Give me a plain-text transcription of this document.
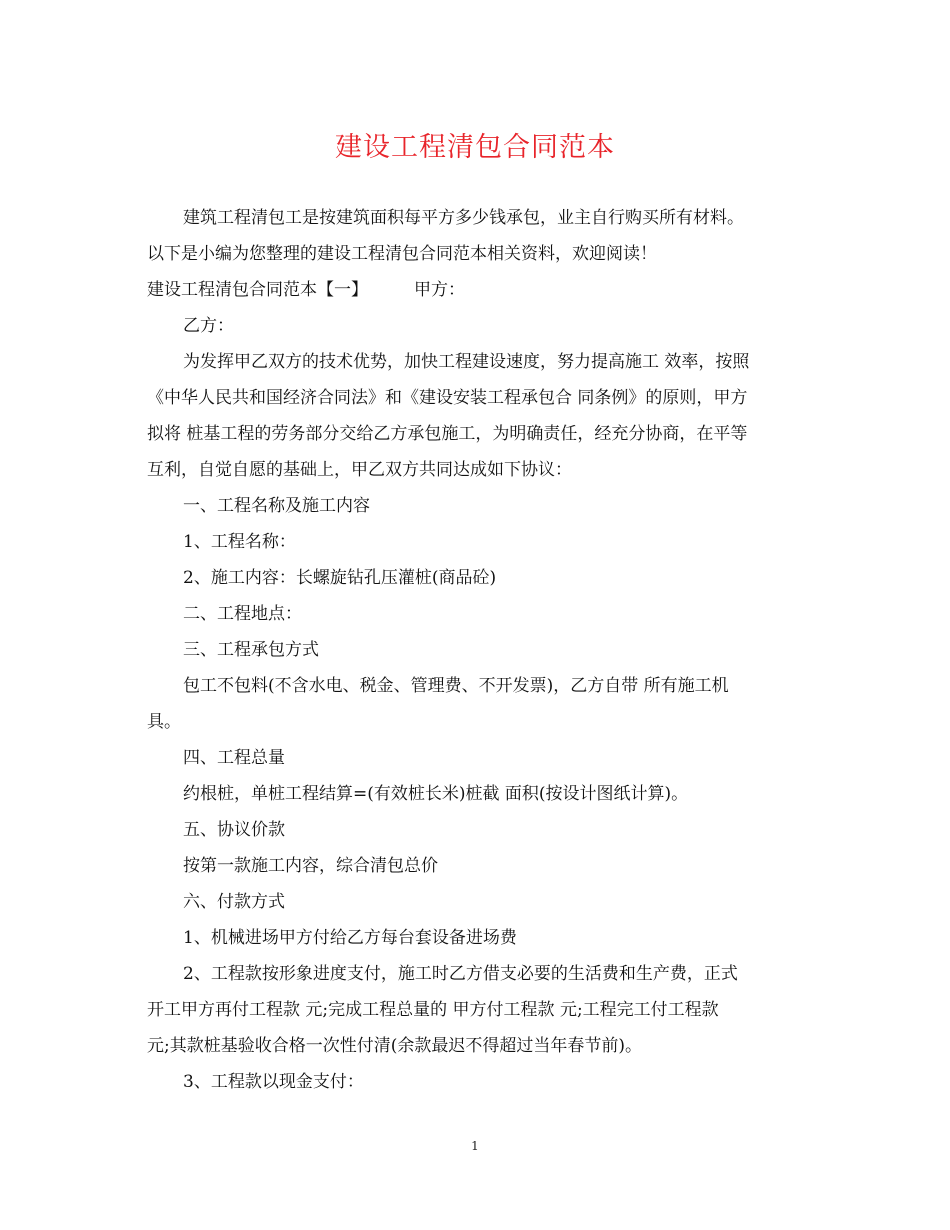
建设工程清包合同范本

建筑工程清包工是按建筑面积每平方多少钱承包，业主自行购买所有材料。

以下是小编为您整理的建设工程清包合同范本相关资料，欢迎阅读！

建设工程清包合同范本【一】	甲方：

乙方：

为发挥甲乙双方的技术优势，加快工程建设速度，努力提高施工 效率，按照

《中华人民共和国经济合同法》和《建设安装工程承包合 同条例》的原则，甲方

拟将 桩基工程的劳务部分交给乙方承包施工，为明确责任，经充分协商，在平等

互利，自觉自愿的基础上，甲乙双方共同达成如下协议：

一、工程名称及施工内容

1、工程名称：

2、施工内容：长螺旋钻孔压灌桩(商品砼)

二、工程地点：

三、工程承包方式

包工不包料(不含水电、税金、管理费、不开发票)，乙方自带 所有施工机

具。

四、工程总量

约根桩，单桩工程结算=(有效桩长米)桩截 面积(按设计图纸计算)。

五、协议价款

按第一款施工内容，综合清包总价

六、付款方式

1、机械进场甲方付给乙方每台套设备进场费

2、工程款按形象进度支付，施工时乙方借支必要的生活费和生产费，正式

开工甲方再付工程款 元;完成工程总量的 甲方付工程款 元;工程完工付工程款

元;其款桩基验收合格一次性付清(余款最迟不得超过当年春节前)。

3、工程款以现金支付：

1
